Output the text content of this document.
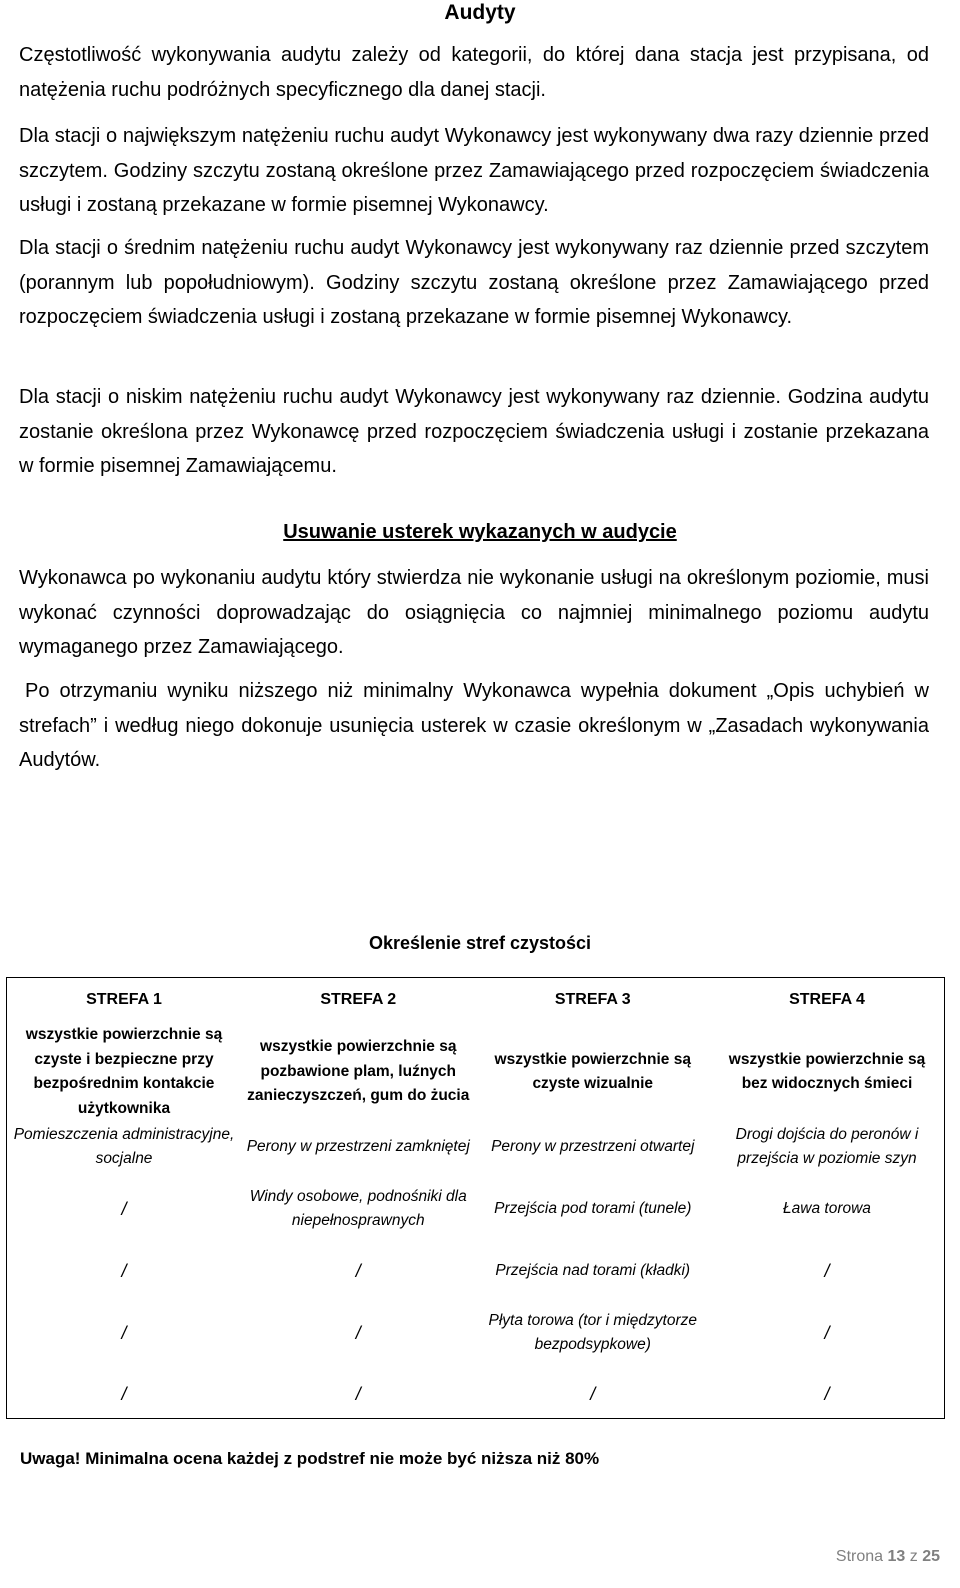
Audyty
Częstotliwość wykonywania audytu zależy od kategorii, do której dana stacja jest przypisana, od natężenia ruchu podróżnych specyficznego dla danej stacji.
Dla stacji o największym natężeniu ruchu audyt Wykonawcy jest wykonywany dwa razy dziennie przed szczytem. Godziny szczytu zostaną określone przez Zamawiającego przed rozpoczęciem świadczenia usługi i zostaną przekazane w formie pisemnej Wykonawcy.
Dla stacji o średnim natężeniu ruchu audyt Wykonawcy jest wykonywany raz dziennie przed szczytem (porannym lub popołudniowym). Godziny szczytu zostaną określone przez Zamawiającego przed rozpoczęciem świadczenia usługi i zostaną przekazane w formie pisemnej Wykonawcy.
Dla stacji o niskim natężeniu ruchu audyt Wykonawcy jest wykonywany raz dziennie. Godzina audytu zostanie określona przez Wykonawcę przed rozpoczęciem świadczenia usługi i zostanie przekazana w formie pisemnej Zamawiającemu.
Usuwanie usterek wykazanych w audycie
Wykonawca po wykonaniu audytu który stwierdza nie wykonanie usługi na określonym poziomie, musi wykonać czynności doprowadzając do osiągnięcia co najmniej minimalnego poziomu audytu wymaganego przez Zamawiającego.
Po otrzymaniu wyniku niższego niż minimalny Wykonawca wypełnia dokument „Opis uchybień w strefach” i według niego dokonuje usunięcia usterek w czasie określonym w „Zasadach wykonywania Audytów.
Określenie stref czystości
STREFA 1	STREFA 2	STREFA 3	STREFA 4
wszystkie powierzchnie są czyste i bezpieczne przy bezpośrednim kontakcie użytkownika	wszystkie powierzchnie są pozbawione plam, luźnych zanieczyszczeń, gum do żucia	wszystkie powierzchnie są czyste wizualnie	wszystkie powierzchnie są bez widocznych śmieci
Pomieszczenia administracyjne, socjalne	Perony w przestrzeni zamkniętej	Perony w przestrzeni otwartej	Drogi dojścia do peronów i przejścia w poziomie szyn
/	Windy osobowe, podnośniki dla niepełnosprawnych	Przejścia pod torami (tunele)	Ława torowa
/	/	Przejścia nad torami (kładki)	/
/	/	Płyta torowa (tor i międzytorze bezpodsypkowe)	/
/	/	/	/
Uwaga! Minimalna ocena każdej z podstref nie może być niższa niż 80%
Strona 13 z 25
